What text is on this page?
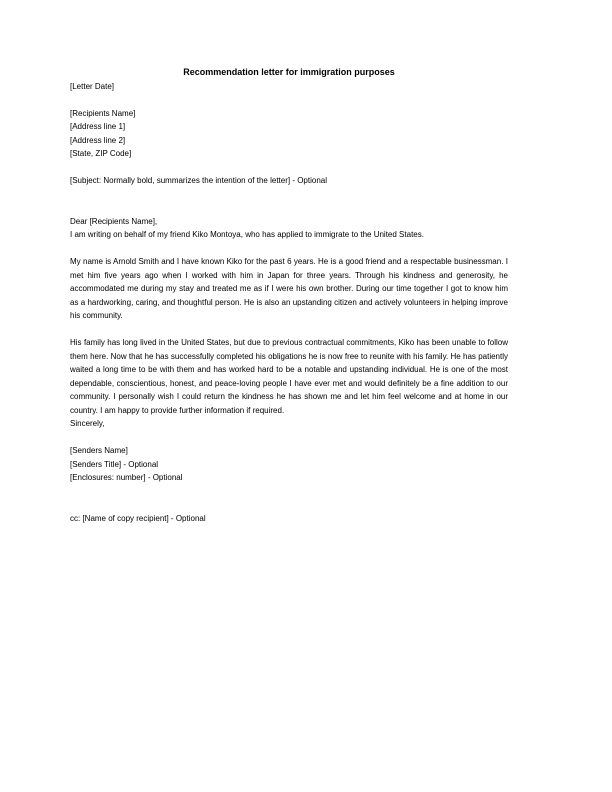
Recommendation letter for immigration purposes
[Letter Date]
[Recipients Name]
[Address line 1]
[Address line 2]
[State, ZIP Code]
[Subject: Normally bold, summarizes the intention of the letter] - Optional
Dear [Recipients Name],
I am writing on behalf of my friend Kiko Montoya, who has applied to immigrate to the United States.

My name is Arnold Smith and I have known Kiko for the past 6 years. He is a good friend and a respectable businessman. I met him five years ago when I worked with him in Japan for three years. Through his kindness and generosity, he accommodated me during my stay and treated me as if I were his own brother. During our time together I got to know him as a hardworking, caring, and thoughtful person. He is also an upstanding citizen and actively volunteers in helping improve his community.

His family has long lived in the United States, but due to previous contractual commitments, Kiko has been unable to follow them here. Now that he has successfully completed his obligations he is now free to reunite with his family. He has patiently waited a long time to be with them and has worked hard to be a notable and upstanding individual. He is one of the most dependable, conscientious, honest, and peace-loving people I have ever met and would definitely be a fine addition to our community. I personally wish I could return the kindness he has shown me and let him feel welcome and at home in our country. I am happy to provide further information if required.

Sincerely,
[Senders Name]
[Senders Title] - Optional
[Enclosures: number] - Optional
cc: [Name of copy recipient] - Optional
